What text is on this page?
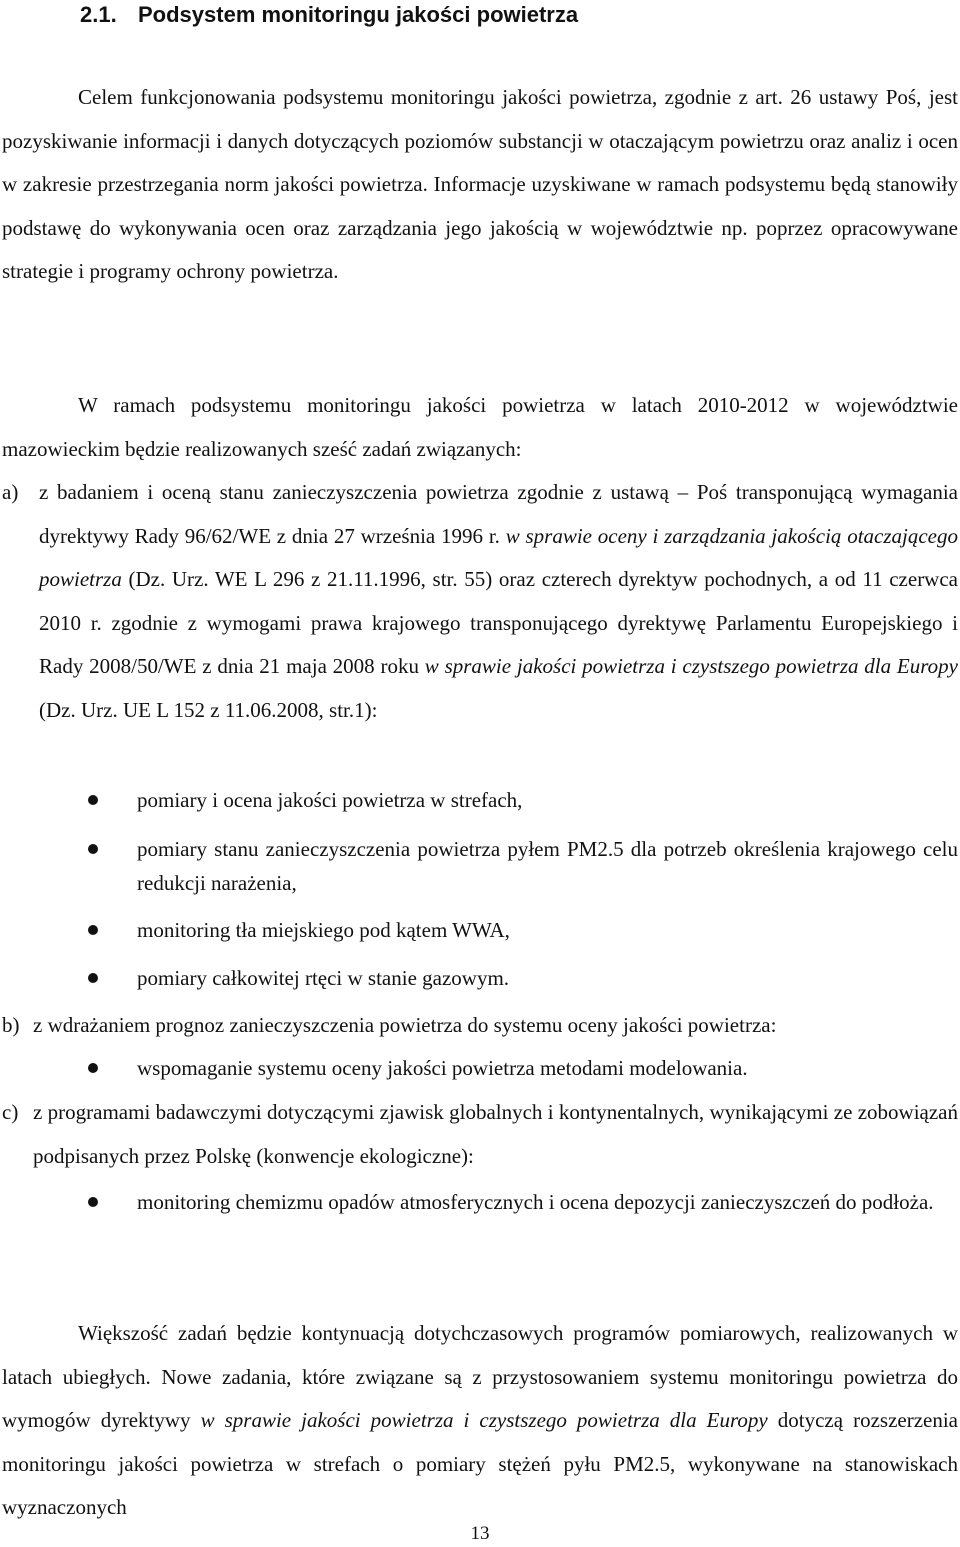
2.1. Podsystem monitoringu jakości powietrza

Celem funkcjonowania podsystemu monitoringu jakości powietrza, zgodnie z art. 26 ustawy Poś, jest pozyskiwanie informacji i danych dotyczących poziomów substancji w otaczającym powietrzu oraz analiz i ocen w zakresie przestrzegania norm jakości powietrza. Informacje uzyskiwane w ramach podsystemu będą stanowiły podstawę do wykonywania ocen oraz zarządzania jego jakością w województwie np. poprzez opracowywane strategie i programy ochrony powietrza.

W ramach podsystemu monitoringu jakości powietrza w latach 2010-2012 w województwie mazowieckim będzie realizowanych sześć zadań związanych:

a) z badaniem i oceną stanu zanieczyszczenia powietrza zgodnie z ustawą – Poś transponującą wymagania dyrektywy Rady 96/62/WE z dnia 27 września 1996 r. w sprawie oceny i zarządzania jakością otaczającego powietrza (Dz. Urz. WE L 296 z 21.11.1996, str. 55) oraz czterech dyrektyw pochodnych, a od 11 czerwca 2010 r. zgodnie z wymogami prawa krajowego transponującego dyrektywę Parlamentu Europejskiego i Rady 2008/50/WE z dnia 21 maja 2008 roku w sprawie jakości powietrza i czystszego powietrza dla Europy (Dz. Urz. UE L 152 z 11.06.2008, str.1):
pomiary i ocena jakości powietrza w strefach,
pomiary stanu zanieczyszczenia powietrza pyłem PM2.5 dla potrzeb określenia krajowego celu redukcji narażenia,
monitoring tła miejskiego pod kątem WWA,
pomiary całkowitej rtęci w stanie gazowym.
b) z wdrażaniem prognoz zanieczyszczenia powietrza do systemu oceny jakości powietrza:
wspomaganie systemu oceny jakości powietrza metodami modelowania.
c) z programami badawczymi dotyczącymi zjawisk globalnych i kontynentalnych, wynikającymi ze zobowiązań podpisanych przez Polskę (konwencje ekologiczne):
monitoring chemizmu opadów atmosferycznych i ocena depozycji zanieczyszczeń do podłoża.

Większość zadań będzie kontynuacją dotychczasowych programów pomiarowych, realizowanych w latach ubiegłych. Nowe zadania, które związane są z przystosowaniem systemu monitoringu powietrza do wymogów dyrektywy w sprawie jakości powietrza i czystszego powietrza dla Europy dotyczą rozszerzenia monitoringu jakości powietrza w strefach o pomiary stężeń pyłu PM2.5, wykonywane na stanowiskach wyznaczonych

13
